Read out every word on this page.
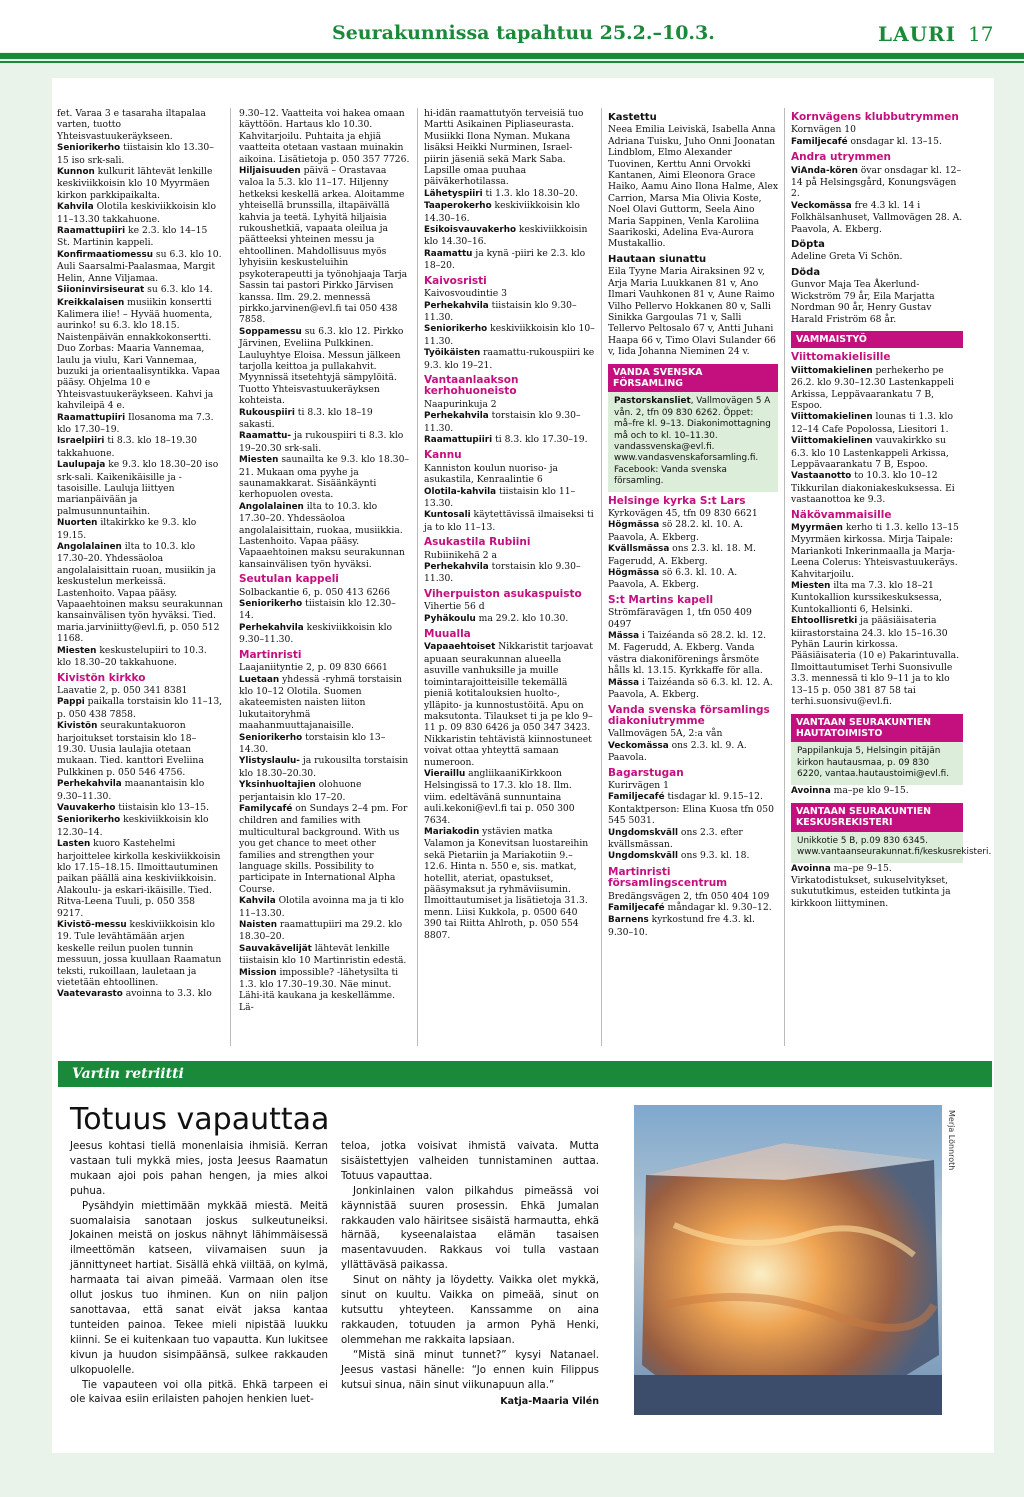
Seurakunnissa tapahtuu 25.2.–10.3.	LAURI 17

fet. Varaa 3 e tasaraha iltapalaa varten, tuotto Yhteisvastuukeräykseen.

Seniorikerho tiistaisin klo 13.30–15 iso srk-sali.

Kunnon kulkurit lähtevät lenkille keskiviikkoisin klo 10 Myyrmäen kirkon parkkipaikalta.

Kahvila Olotila keskiviikkoisin klo 11–13.30 takkahuone.

Raamattupiiri ke 2.3. klo 14–15 St. Martinin kappeli.

Konfirmaatiomessu su 6.3. klo 10. Auli Saarsalmi-Paalasmaa, Margit Helin, Anne Viljamaa.

Siioninvirsiseurat su 6.3. klo 14.

Kreikkalaisen musiikin konsertti Kalimera ilie! – Hyvää huomenta, aurinko! su 6.3. klo 18.15. Naistenpäivän ennakkokonsertti. Duo Zorbas: Maaria Vannemaa, laulu ja viulu, Kari Vannemaa, buzuki ja orientaalisyntikka. Vapaa pääsy. Ohjelma 10 e Yhteisvastuukeräykseen. Kahvi ja kahvileipä 4 e.

Raamattupiiri Ilosanoma ma 7.3. klo 17.30–19.

Israelpiiri ti 8.3. klo 18–19.30 takkahuone.

Laulupaja ke 9.3. klo 18.30–20 iso srk-sali. Kaikenikäisille ja -tasoisille. Lauluja liittyen marianpäivään ja palmusunnuntaihin.

Nuorten iltakirkko ke 9.3. klo 19.15.

Angolalainen ilta to 10.3. klo 17.30–20. Yhdessäoloa angolalaisittain ruoan, musiikin ja keskustelun merkeissä. Lastenhoito. Vapaa pääsy. Vapaaehtoinen maksu seurakunnan kansainvälisen työn hyväksi. Tied. maria.jarviniitty@evl.fi, p. 050 512 1168.

Miesten keskustelupiiri to 10.3. klo 18.30–20 takkahuone.

Kivistön kirkko

Laavatie 2, p. 050 341 8381

Pappi paikalla torstaisin klo 11–13, p. 050 438 7858.

Kivistön seurakuntakuoron harjoitukset torstaisin klo 18–19.30. Uusia laulajia otetaan mukaan. Tied. kanttori Eveliina Pulkkinen p. 050 546 4756.

Perhekahvila maanantaisin klo 9.30–11.30.

Vauvakerho tiistaisin klo 13–15.

Seniorikerho keskiviikkoisin klo 12.30–14.

Lasten kuoro Kastehelmi harjoittelee kirkolla keskiviikkoisin klo 17.15–18.15. Ilmoittautuminen paikan päällä aina keskiviikkoisin. Alakoulu- ja eskari-ikäisille. Tied. Ritva-Leena Tuuli, p. 050 358 9217.

Kivistö-messu keskiviikkoisin klo 19. Tule levähtämään arjen keskelle reilun puolen tunnin messuun, jossa kuullaan Raamatun teksti, rukoillaan, lauletaan ja vietetään ehtoollinen.

Vaatevarasto avoinna to 3.3. klo

9.30–12. Vaatteita voi hakea omaan käyttöön. Hartaus klo 10.30. Kahvitarjoilu. Puhtaita ja ehjiä vaatteita otetaan vastaan muinakin aikoina. Lisätietoja p. 050 357 7726.

Hiljaisuuden päivä – Orastavaa valoa la 5.3. klo 11–17. Hiljenny hetkeksi keskellä arkea. Aloitamme yhteisellä brunssilla, iltapäivällä kahvia ja teetä. Lyhyitä hiljaisia rukoushetkiä, vapaata oleilua ja päätteeksi yhteinen messu ja ehtoollinen. Mahdollisuus myös lyhyisiin keskusteluihin psykoterapeutti ja työnohjaaja Tarja Sassin tai pastori Pirkko Järvisen kanssa. Ilm. 29.2. mennessä pirkko.jarvinen@evl.fi tai 050 438 7858.

Soppamessu su 6.3. klo 12. Pirkko Järvinen, Eveliina Pulkkinen. Lauluyhtye Eloisa. Messun jälkeen tarjolla keittoa ja pullakahvit. Myynnissä itsetehtyjä sämpylöitä. Tuotto Yhteisvastuukeräyksen kohteista.

Rukouspiiri ti 8.3. klo 18–19 sakasti.

Raamattu- ja rukouspiiri ti 8.3. klo 19–20.30 srk-sali.

Miesten saunailta ke 9.3. klo 18.30–21. Mukaan oma pyyhe ja saunamakkarat. Sisäänkäynti kerhopuolen ovesta.

Angolalainen ilta to 10.3. klo 17.30–20. Yhdessäoloa angolalaisittain, ruokaa, musiikkia. Lastenhoito. Vapaa pääsy. Vapaaehtoinen maksu seurakunnan kansainvälisen työn hyväksi.

Seutulan kappeli

Solbackantie 6, p. 050 413 6266

Seniorikerho tiistaisin klo 12.30–14.

Perhekahvila keskiviikkoisin klo 9.30–11.30.

Martinristi

Laajaniityntie 2, p. 09 830 6661

Luetaan yhdessä -ryhmä torstaisin klo 10–12 Olotila. Suomen akateemisten naisten liiton lukutaitoryhmä maahanmuuttajanaisille.

Seniorikerho torstaisin klo 13–14.30.

Ylistyslaulu- ja rukousilta torstaisin klo 18.30–20.30.

Yksinhuoltajien olohuone perjantaisin klo 17–20.

Familycafé on Sundays 2–4 pm. For children and families with multicultural background. With us you get chance to meet other families and strengthen your language skills. Possibility to participate in International Alpha Course.

Kahvila Olotila avoinna ma ja ti klo 11–13.30.

Naisten raamattupiiri ma 29.2. klo 18.30–20.

Sauvakävelijät lähtevät lenkille tiistaisin klo 10 Martinristin edestä.

Mission impossible? -lähetysilta ti 1.3. klo 17.30–19.30. Näe minut. Lähi-itä kaukana ja keskellämme. Lä-

hi-idän raamattutyön terveisiä tuo Martti Asikainen Pipliaseurasta. Musiikki Ilona Nyman. Mukana lisäksi Heikki Nurminen, Israel-piirin jäseniä sekä Mark Saba. Lapsille omaa puuhaa päiväkerhotilassa.

Lähetyspiiri ti 1.3. klo 18.30–20.

Taaperokerho keskiviikkoisin klo 14.30–16.

Esikoisvauvakerho keskiviikkoisin klo 14.30–16.

Raamattu ja kynä -piiri ke 2.3. klo 18–20.

Kaivosristi

Kaivosvoudintie 3

Perhekahvila tiistaisin klo 9.30–11.30.

Seniorikerho keskiviikkoisin klo 10–11.30.

Työikäisten raamattu-rukouspiiri ke 9.3. klo 19–21.

Vantaanlaakson kerhohuoneisto

Naapurinkuja 2

Perhekahvila torstaisin klo 9.30–11.30.

Raamattupiiri ti 8.3. klo 17.30–19.

Kannu

Kanniston koulun nuoriso- ja asukastila, Kenraalintie 6

Olotila-kahvila tiistaisin klo 11–13.30.

Kuntosali käytettävissä ilmaiseksi ti ja to klo 11–13.

Asukastila Rubiini

Rubiinikehä 2 a

Perhekahvila torstaisin klo 9.30–11.30.

Viherpuiston asukaspuisto

Vihertie 56 d

Pyhäkoulu ma 29.2. klo 10.30.

Muualla

Vapaaehtoiset Nikkaristit tarjoavat apuaan seurakunnan alueella asuville vanhuksille ja muille toimintarajoitteisille tekemällä pieniä kotitalouksien huolto-, ylläpito- ja kunnostustöitä. Apu on maksutonta. Tilaukset ti ja pe klo 9–11 p. 09 830 6426 ja 050 347 3423. Nikkaristin tehtävistä kiinnostuneet voivat ottaa yhteyttä samaan numeroon.

Vieraillu angliikaaniKirkkoon Helsingissä to 17.3. klo 18. Ilm. viim. edeltävänä sunnuntaina auli.kekoni@evl.fi tai p. 050 300 7634.

Mariakodin ystävien matka Valamon ja Konevitsan luostareihin sekä Pietariin ja Mariakotiin 9.–12.6. Hinta n. 550 e, sis. matkat, hotellit, ateriat, opastukset, pääsymaksut ja ryhmäviisumin. Ilmoittautumiset ja lisätietoja 31.3. menn. Liisi Kukkola, p. 0500 640 390 tai Riitta Ahlroth, p. 050 554 8807.

Kastettu

Neea Emilia Leiviskä, Isabella Anna Adriana Tuisku, Juho Onni Joonatan Lindblom, Elmo Alexander Tuovinen, Kerttu Anni Orvokki Kantanen, Aimi Eleonora Grace Haiko, Aamu Aino Ilona Halme, Alex Carrion, Marsa Mia Olivia Koste, Noel Olavi Guttorm, Seela Aino Maria Sappinen, Venla Karoliina Saarikoski, Adelina Eva-Aurora Mustakallio.

Hautaan siunattu

Eila Tyyne Maria Airaksinen 92 v, Arja Maria Luukkanen 81 v, Ano Ilmari Vauhkonen 81 v, Aune Raimo Vilho Pellervo Hokkanen 80 v, Salli Sinikka Gargoulas 71 v, Salli Tellervo Peltosalo 67 v, Antti Juhani Haapa 66 v, Timo Olavi Sulander 66 v, Iida Johanna Nieminen 24 v.

VANDA SVENSKA FÖRSAMLING
Pastorskansliet, Vallmovägen 5 A vån. 2, tfn 09 830 6262. Öppet: må–fre kl. 9–13. Diakonimottagning må och to kl. 10–11.30. vandassvenska@evl.fi. www.vandasvenskaforsamling.fi. Facebook: Vanda svenska församling.
Helsinge kyrka S:t Lars

Kyrkovägen 45, tfn 09 830 6621

Högmässa sö 28.2. kl. 10. A. Paavola, A. Ekberg.

Kvällsmässa ons 2.3. kl. 18. M. Fagerudd, A. Ekberg.

Högmässa sö 6.3. kl. 10. A. Paavola, A. Ekberg.

S:t Martins kapell

Strömfäravägen 1, tfn 050 409 0497

Mässa i Taizéanda sö 28.2. kl. 12. M. Fagerudd, A. Ekberg. Vanda västra diakoniförenings årsmöte hålls kl. 13.15. Kyrkkaffe för alla.

Mässa i Taizéanda sö 6.3. kl. 12. A. Paavola, A. Ekberg.

Vanda svenska församlings diakoniutrymme

Vallmovägen 5A, 2:a vån

Veckomässa ons 2.3. kl. 9. A. Paavola.

Bagarstugan

Kurirvägen 1

Familjecafé tisdagar kl. 9.15–12. Kontaktperson: Elina Kuosa tfn 050 545 5031.

Ungdomskväll ons 2.3. efter kvällsmässan.

Ungdomskväll ons 9.3. kl. 18.

Martinristi församlingscentrum

Bredängsvägen 2, tfn 050 404 109

Familjecafé måndagar kl. 9.30–12.

Barnens kyrkostund fre 4.3. kl. 9.30–10.

Kornvägens klubbutrymmen

Kornvägen 10

Familjecafé onsdagar kl. 13–15.

Andra utrymmen

ViAnda-kören övar onsdagar kl. 12–14 på Helsingsgård, Konungsvägen 2.

Veckomässa fre 4.3 kl. 14 i Folkhälsanhuset, Vallmovägen 28. A. Paavola, A. Ekberg.

Döpta

Adeline Greta Vi Schön.

Döda

Gunvor Maja Tea Åkerlund-Wickström 79 år, Eila Marjatta Nordman 90 år, Henry Gustav Harald Friström 68 år.

VAMMAISTYÖ
Viittomakielisille

Viittomakielinen perhekerho pe 26.2. klo 9.30–12.30 Lastenkappeli Arkissa, Leppävaarankatu 7 B, Espoo.

Viittomakielinen lounas ti 1.3. klo 12–14 Cafe Popolossa, Liesitori 1.

Viittomakielinen vauvakirkko su 6.3. klo 10 Lastenkappeli Arkissa, Leppävaarankatu 7 B, Espoo.

Vastaanotto to 10.3. klo 10–12 Tikkurilan diakoniakeskuksessa. Ei vastaanottoa ke 9.3.

Näkövammaisille

Myyrmäen kerho ti 1.3. kello 13–15 Myyrmäen kirkossa. Mirja Taipale: Mariankoti Inkerinmaalla ja Marja-Leena Colerus: Yhteisvastuukeräys. Kahvitarjoilu.

Miesten ilta ma 7.3. klo 18–21 Kuntokallion kurssikeskuksessa, Kuntokallionti 6, Helsinki.

Ehtoollisretki ja pääsiäisateria kiirastorstaina 24.3. klo 15–16.30 Pyhän Laurin kirkossa. Pääsiäisateria (10 e) Pakarintuvalla. Ilmoittautumiset Terhi Suonsivulle 3.3. mennessä ti klo 9–11 ja to klo 13–15 p. 050 381 87 58 tai terhi.suonsivu@evl.fi.

VANTAAN SEURAKUNTIEN HAUTATOIMISTO
Pappilankuja 5, Helsingin pitäjän kirkon hautausmaa, p. 09 830 6220, vantaa.hautaustoimi@evl.fi.

Avoinna ma–pe klo 9–15.

VANTAAN SEURAKUNTIEN KESKUSREKISTERI
Unikkotie 5 B, p.09 830 6345. www.vantaanseurakunnat.fi/keskusrekisteri.

Avoinna ma–pe 9–15. Virkatodistukset, sukuselvitykset, sukututkimus, esteiden tutkinta ja kirkkoon liittyminen.

Vartin retriitti
Totuus vapauttaa

Jeesus kohtasi tiellä monenlaisia ihmisiä. Kerran vastaan tuli mykkä mies, josta Jeesus Raamatun mukaan ajoi pois pahan hengen, ja mies alkoi puhua.

Pysähdyin miettimään mykkää miestä. Meitä suomalaisia sanotaan joskus sulkeutuneiksi. Jokainen meistä on joskus nähnyt lähimmäisessä ilmeettömän katseen, viivamaisen suun ja jännittyneet hartiat. Sisällä ehkä viiltää, on kylmä, harmaata tai aivan pimeää. Varmaan olen itse ollut joskus tuo ihminen. Kun on niin paljon sanottavaa, että sanat eivät jaksa kantaa tunteiden painoa. Tekee mieli nipistää luukku kiinni. Se ei kuitenkaan tuo vapautta. Kun lukitsee kivun ja huudon sisimpäänsä, sulkee rakkauden ulkopuolelle.

Tie vapauteen voi olla pitkä. Ehkä tarpeen ei ole kaivaa esiin erilaisten pahojen henkien luet-

teloa, jotka voisivat ihmistä vaivata. Mutta sisäistettyjen valheiden tunnistaminen auttaa. Totuus vapauttaa.

Jonkinlainen valon pilkahdus pimeässä voi käynnistää suuren prosessin. Ehkä Jumalan rakkauden valo häiritsee sisäistä harmautta, ehkä härnää, kyseenalaistaa elämän tasaisen masentavuuden. Rakkaus voi tulla vastaan yllättäväsä paikassa.

Sinut on nähty ja löydetty. Vaikka olet mykkä, sinut on kuultu. Vaikka on pimeää, sinut on kutsuttu yhteyteen. Kanssamme on aina rakkauden, totuuden ja armon Pyhä Henki, olemmehan me rakkaita lapsiaan.

“Mistä sinä minut tunnet?” kysyi Natanael. Jeesus vastasi hänelle: “Jo ennen kuin Filippus kutsui sinua, näin sinut viikunapuun alla.”

Katja-Maaria Vilén
Merja Lönnroth
